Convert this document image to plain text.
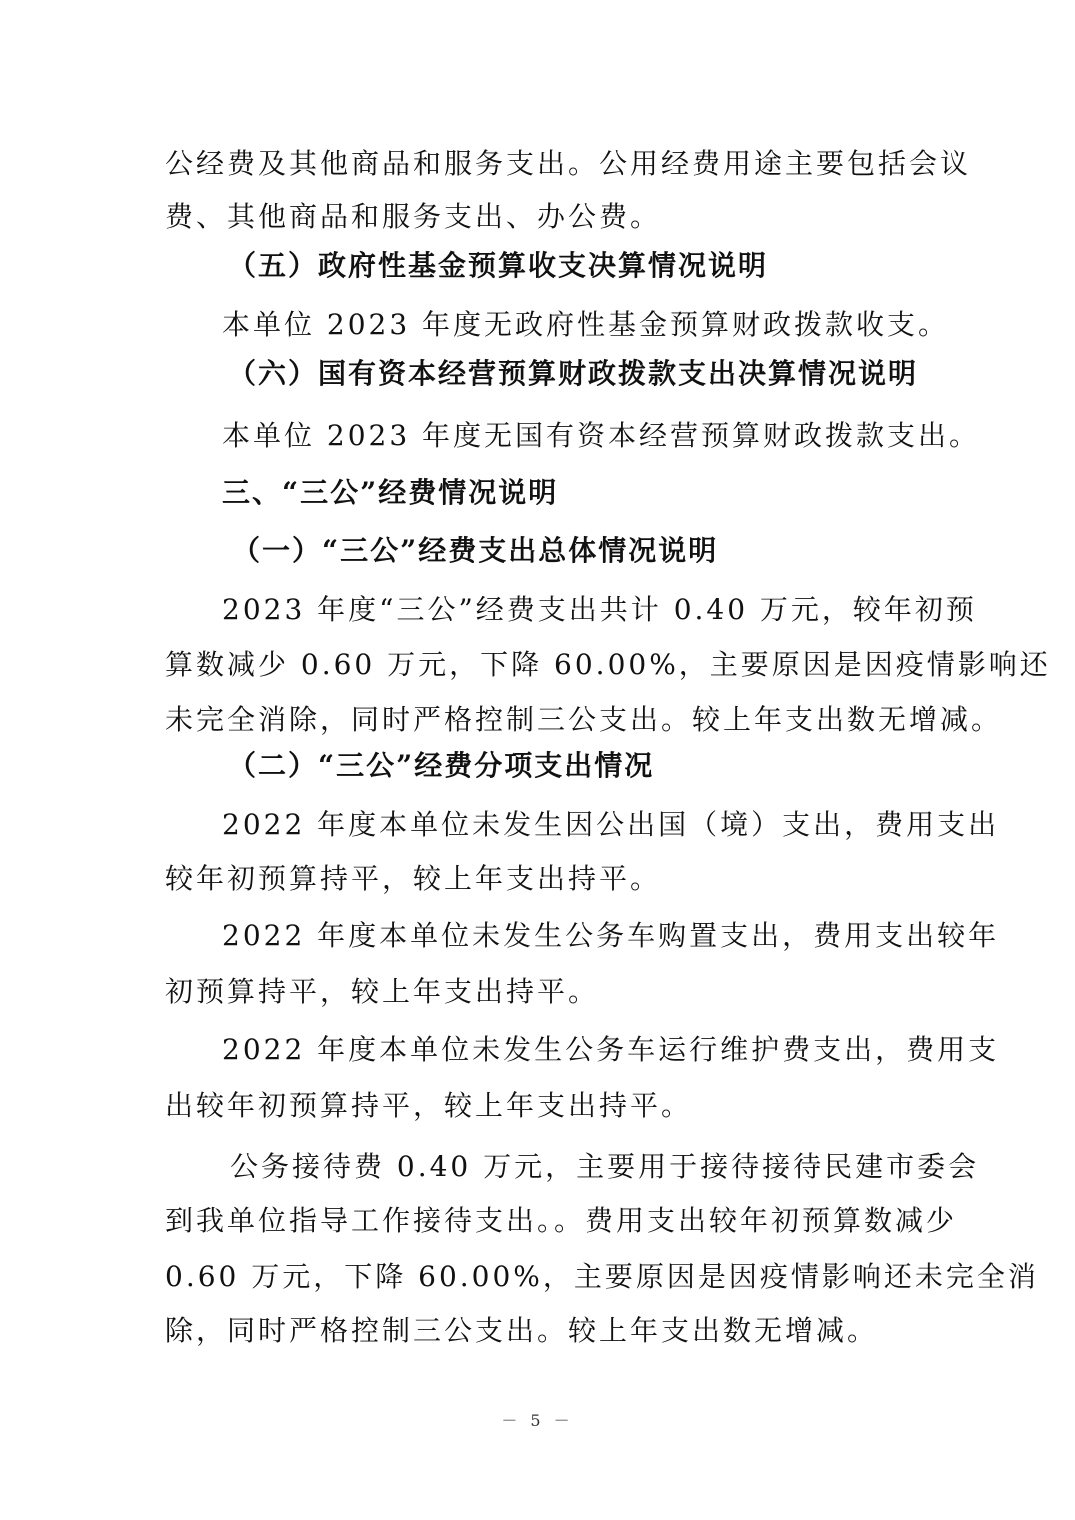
公经费及其他商品和服务支出。公用经费用途主要包括会议
费、其他商品和服务支出、办公费。
（五）政府性基金预算收支决算情况说明
本单位 2023 年度无政府性基金预算财政拨款收支。
（六）国有资本经营预算财政拨款支出决算情况说明
本单位 2023 年度无国有资本经营预算财政拨款支出。
三、“三公”经费情况说明
（一）“三公”经费支出总体情况说明
2023 年度“三公”经费支出共计 0.40 万元，较年初预
算数减少 0.60 万元，下降 60.00%，主要原因是因疫情影响还
未完全消除，同时严格控制三公支出。较上年支出数无增减。
（二）“三公”经费分项支出情况
2022 年度本单位未发生因公出国（境）支出，费用支出
较年初预算持平，较上年支出持平。
2022 年度本单位未发生公务车购置支出，费用支出较年
初预算持平，较上年支出持平。
2022 年度本单位未发生公务车运行维护费支出，费用支
出较年初预算持平，较上年支出持平。
公务接待费 0.40 万元，主要用于接待接待民建市委会
到我单位指导工作接待支出。。费用支出较年初预算数减少
0.60 万元，下降 60.00%，主要原因是因疫情影响还未完全消
除，同时严格控制三公支出。较上年支出数无增减。
－ 5 －
